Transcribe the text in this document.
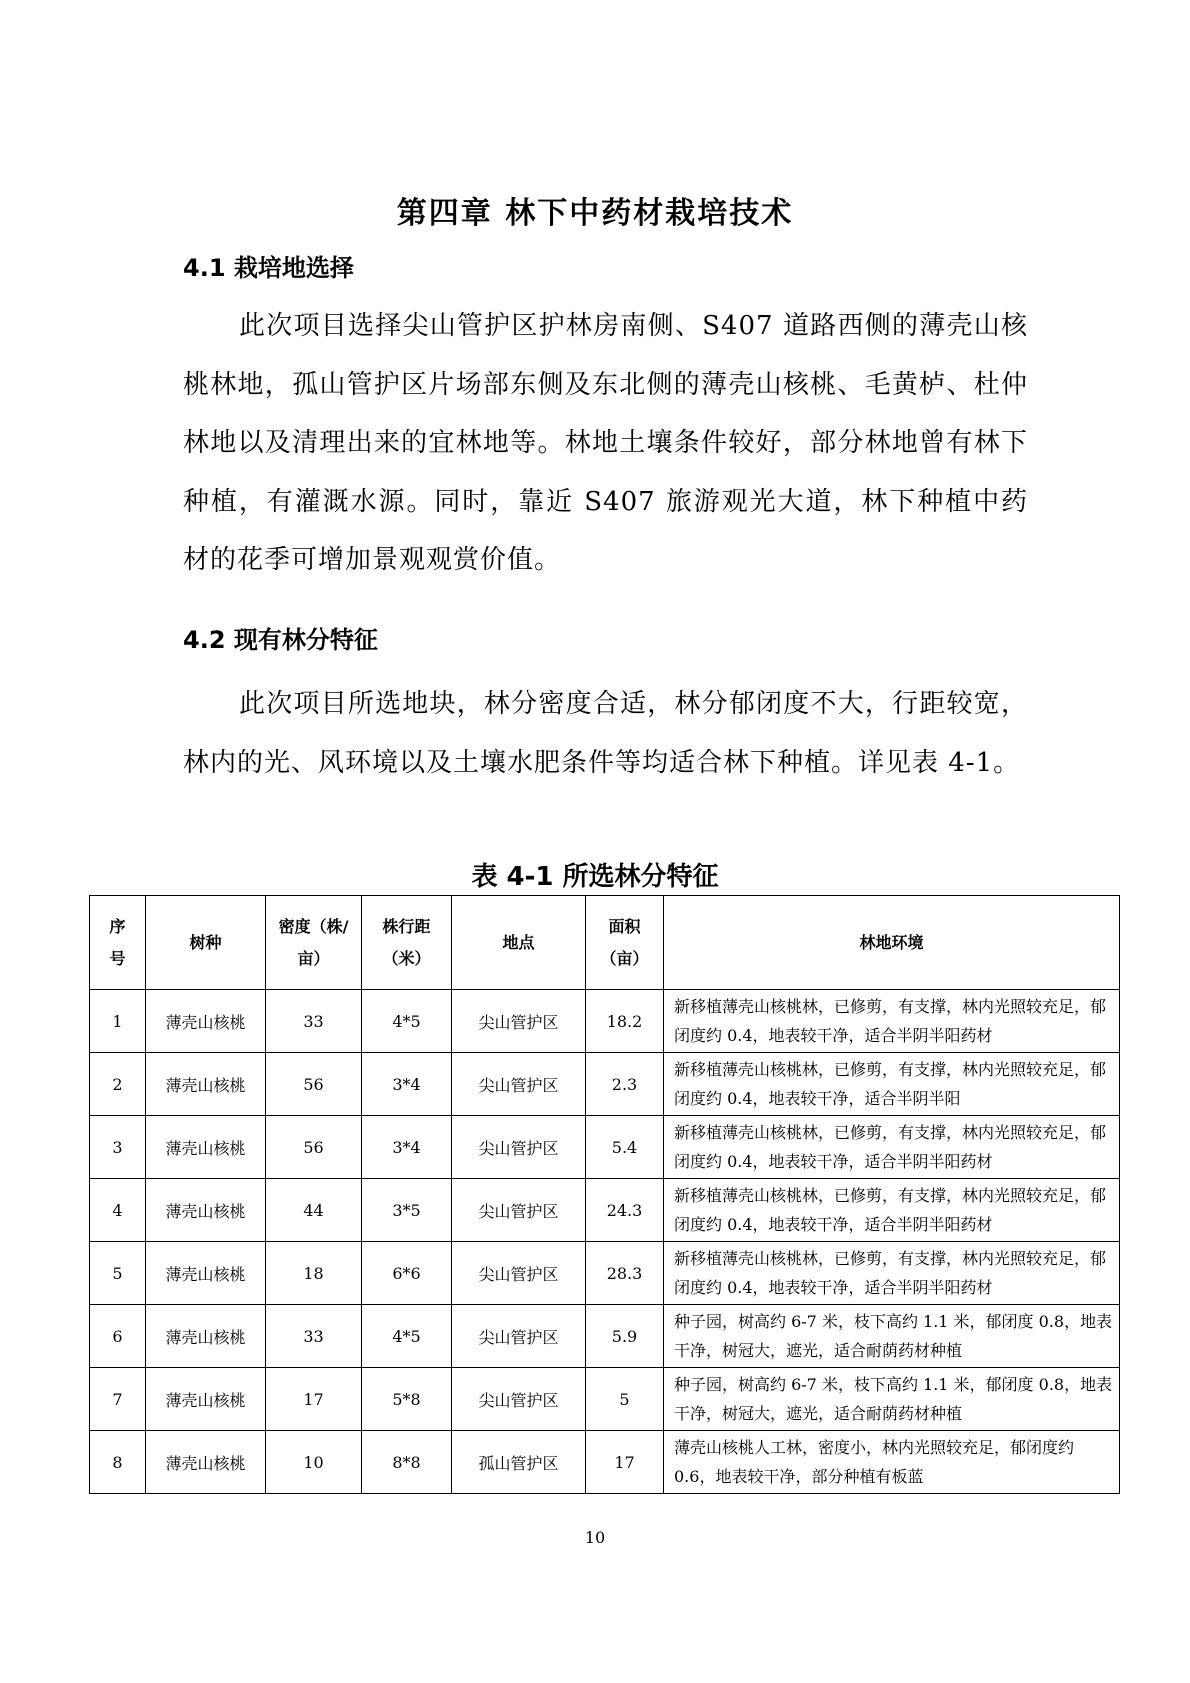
第四章 林下中药材栽培技术
4.1 栽培地选择

此次项目选择尖山管护区护林房南侧、S407 道路西侧的薄壳山核桃林地，孤山管护区片场部东侧及东北侧的薄壳山核桃、毛黄栌、杜仲林地以及清理出来的宜林地等。林地土壤条件较好，部分林地曾有林下种植，有灌溉水源。同时，靠近 S407 旅游观光大道，林下种植中药材的花季可增加景观观赏价值。

4.2 现有林分特征

此次项目所选地块，林分密度合适，林分郁闭度不大，行距较宽，林内的光、风环境以及土壤水肥条件等均适合林下种植。详见表 4-1。

表 4-1 所选林分特征
序号	树种	密度（株/亩）	株行距（米）	地点	面积（亩）	林地环境
1	薄壳山核桃	33	4*5	尖山管护区	18.2	新移植薄壳山核桃林，已修剪，有支撑，林内光照较充足，郁闭度约 0.4，地表较干净，适合半阴半阳药材
2	薄壳山核桃	56	3*4	尖山管护区	2.3	新移植薄壳山核桃林，已修剪，有支撑，林内光照较充足，郁闭度约 0.4，地表较干净，适合半阴半阳
3	薄壳山核桃	56	3*4	尖山管护区	5.4	新移植薄壳山核桃林，已修剪，有支撑，林内光照较充足，郁闭度约 0.4，地表较干净，适合半阴半阳药材
4	薄壳山核桃	44	3*5	尖山管护区	24.3	新移植薄壳山核桃林，已修剪，有支撑，林内光照较充足，郁闭度约 0.4，地表较干净，适合半阴半阳药材
5	薄壳山核桃	18	6*6	尖山管护区	28.3	新移植薄壳山核桃林，已修剪，有支撑，林内光照较充足，郁闭度约 0.4，地表较干净，适合半阴半阳药材
6	薄壳山核桃	33	4*5	尖山管护区	5.9	种子园，树高约 6-7 米，枝下高约 1.1 米，郁闭度 0.8，地表干净，树冠大，遮光，适合耐荫药材种植
7	薄壳山核桃	17	5*8	尖山管护区	5	种子园，树高约 6-7 米，枝下高约 1.1 米，郁闭度 0.8，地表干净，树冠大，遮光，适合耐荫药材种植
8	薄壳山核桃	10	8*8	孤山管护区	17	薄壳山核桃人工林，密度小，林内光照较充足，郁闭度约 0.6，地表较干净，部分种植有板蓝
10
